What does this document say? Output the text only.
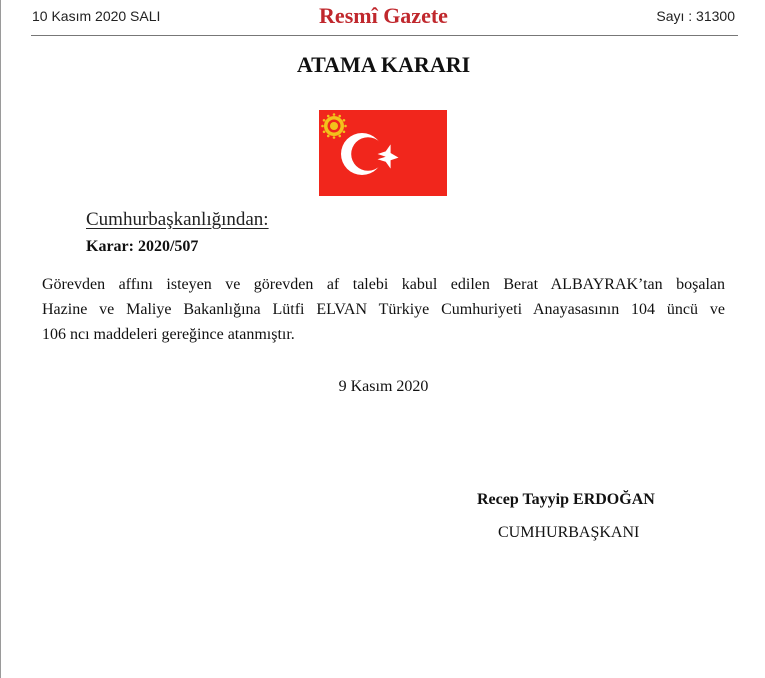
10 Kasım 2020 SALI	Resmî Gazete	Sayı : 31300
ATAMA KARARI
Cumhurbaşkanlığından:
Karar: 2020/507
Görevden affını isteyen ve görevden af talebi kabul edilen Berat ALBAYRAK’tan boşalan
Hazine ve Maliye Bakanlığına Lütfi ELVAN Türkiye Cumhuriyeti Anayasasının 104 üncü ve
106 ncı maddeleri gereğince atanmıştır.
9 Kasım 2020
Recep Tayyip ERDOĞAN
CUMHURBAŞKANI
